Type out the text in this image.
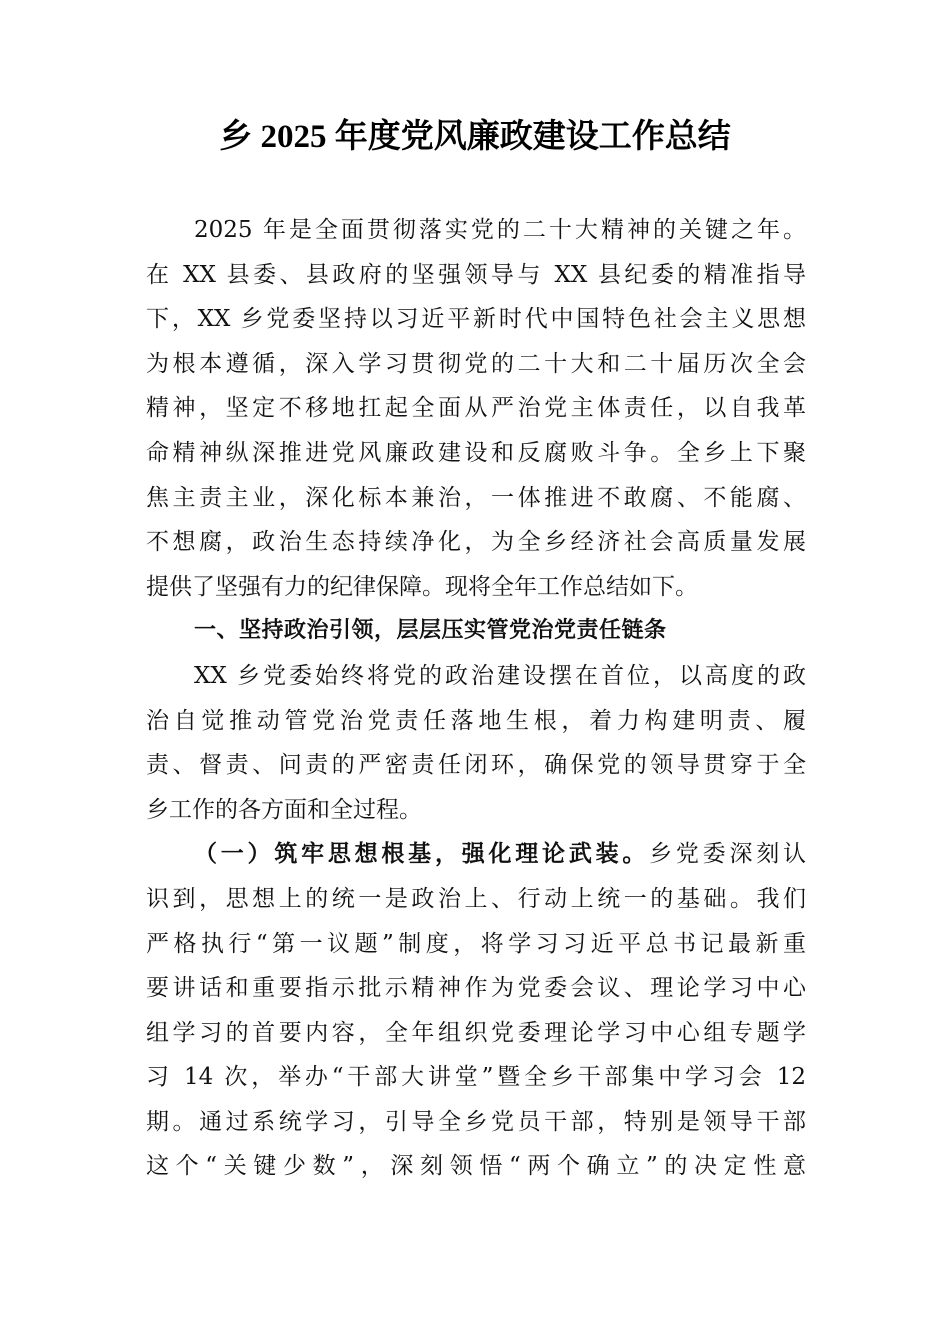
乡 2025 年度党风廉政建设工作总结
2025 年是全面贯彻落实党的二十大精神的关键之年。
在 XX 县委、县政府的坚强领导与 XX 县纪委的精准指导
下，XX 乡党委坚持以习近平新时代中国特色社会主义思想
为根本遵循，深入学习贯彻党的二十大和二十届历次全会
精神，坚定不移地扛起全面从严治党主体责任，以自我革
命精神纵深推进党风廉政建设和反腐败斗争。全乡上下聚
焦主责主业，深化标本兼治，一体推进不敢腐、不能腐、
不想腐，政治生态持续净化，为全乡经济社会高质量发展
提供了坚强有力的纪律保障。现将全年工作总结如下。
一、坚持政治引领，层层压实管党治党责任链条
XX 乡党委始终将党的政治建设摆在首位，以高度的政
治自觉推动管党治党责任落地生根，着力构建明责、履
责、督责、问责的严密责任闭环，确保党的领导贯穿于全
乡工作的各方面和全过程。
（一）筑牢思想根基，强化理论武装。乡党委深刻认
识到，思想上的统一是政治上、行动上统一的基础。我们
严格执行“第一议题”制度，将学习习近平总书记最新重
要讲话和重要指示批示精神作为党委会议、理论学习中心
组学习的首要内容，全年组织党委理论学习中心组专题学
习 14 次，举办“干部大讲堂”暨全乡干部集中学习会 12
期。通过系统学习，引导全乡党员干部，特别是领导干部
这个“关键少数”，深刻领悟“两个确立”的决定性意
